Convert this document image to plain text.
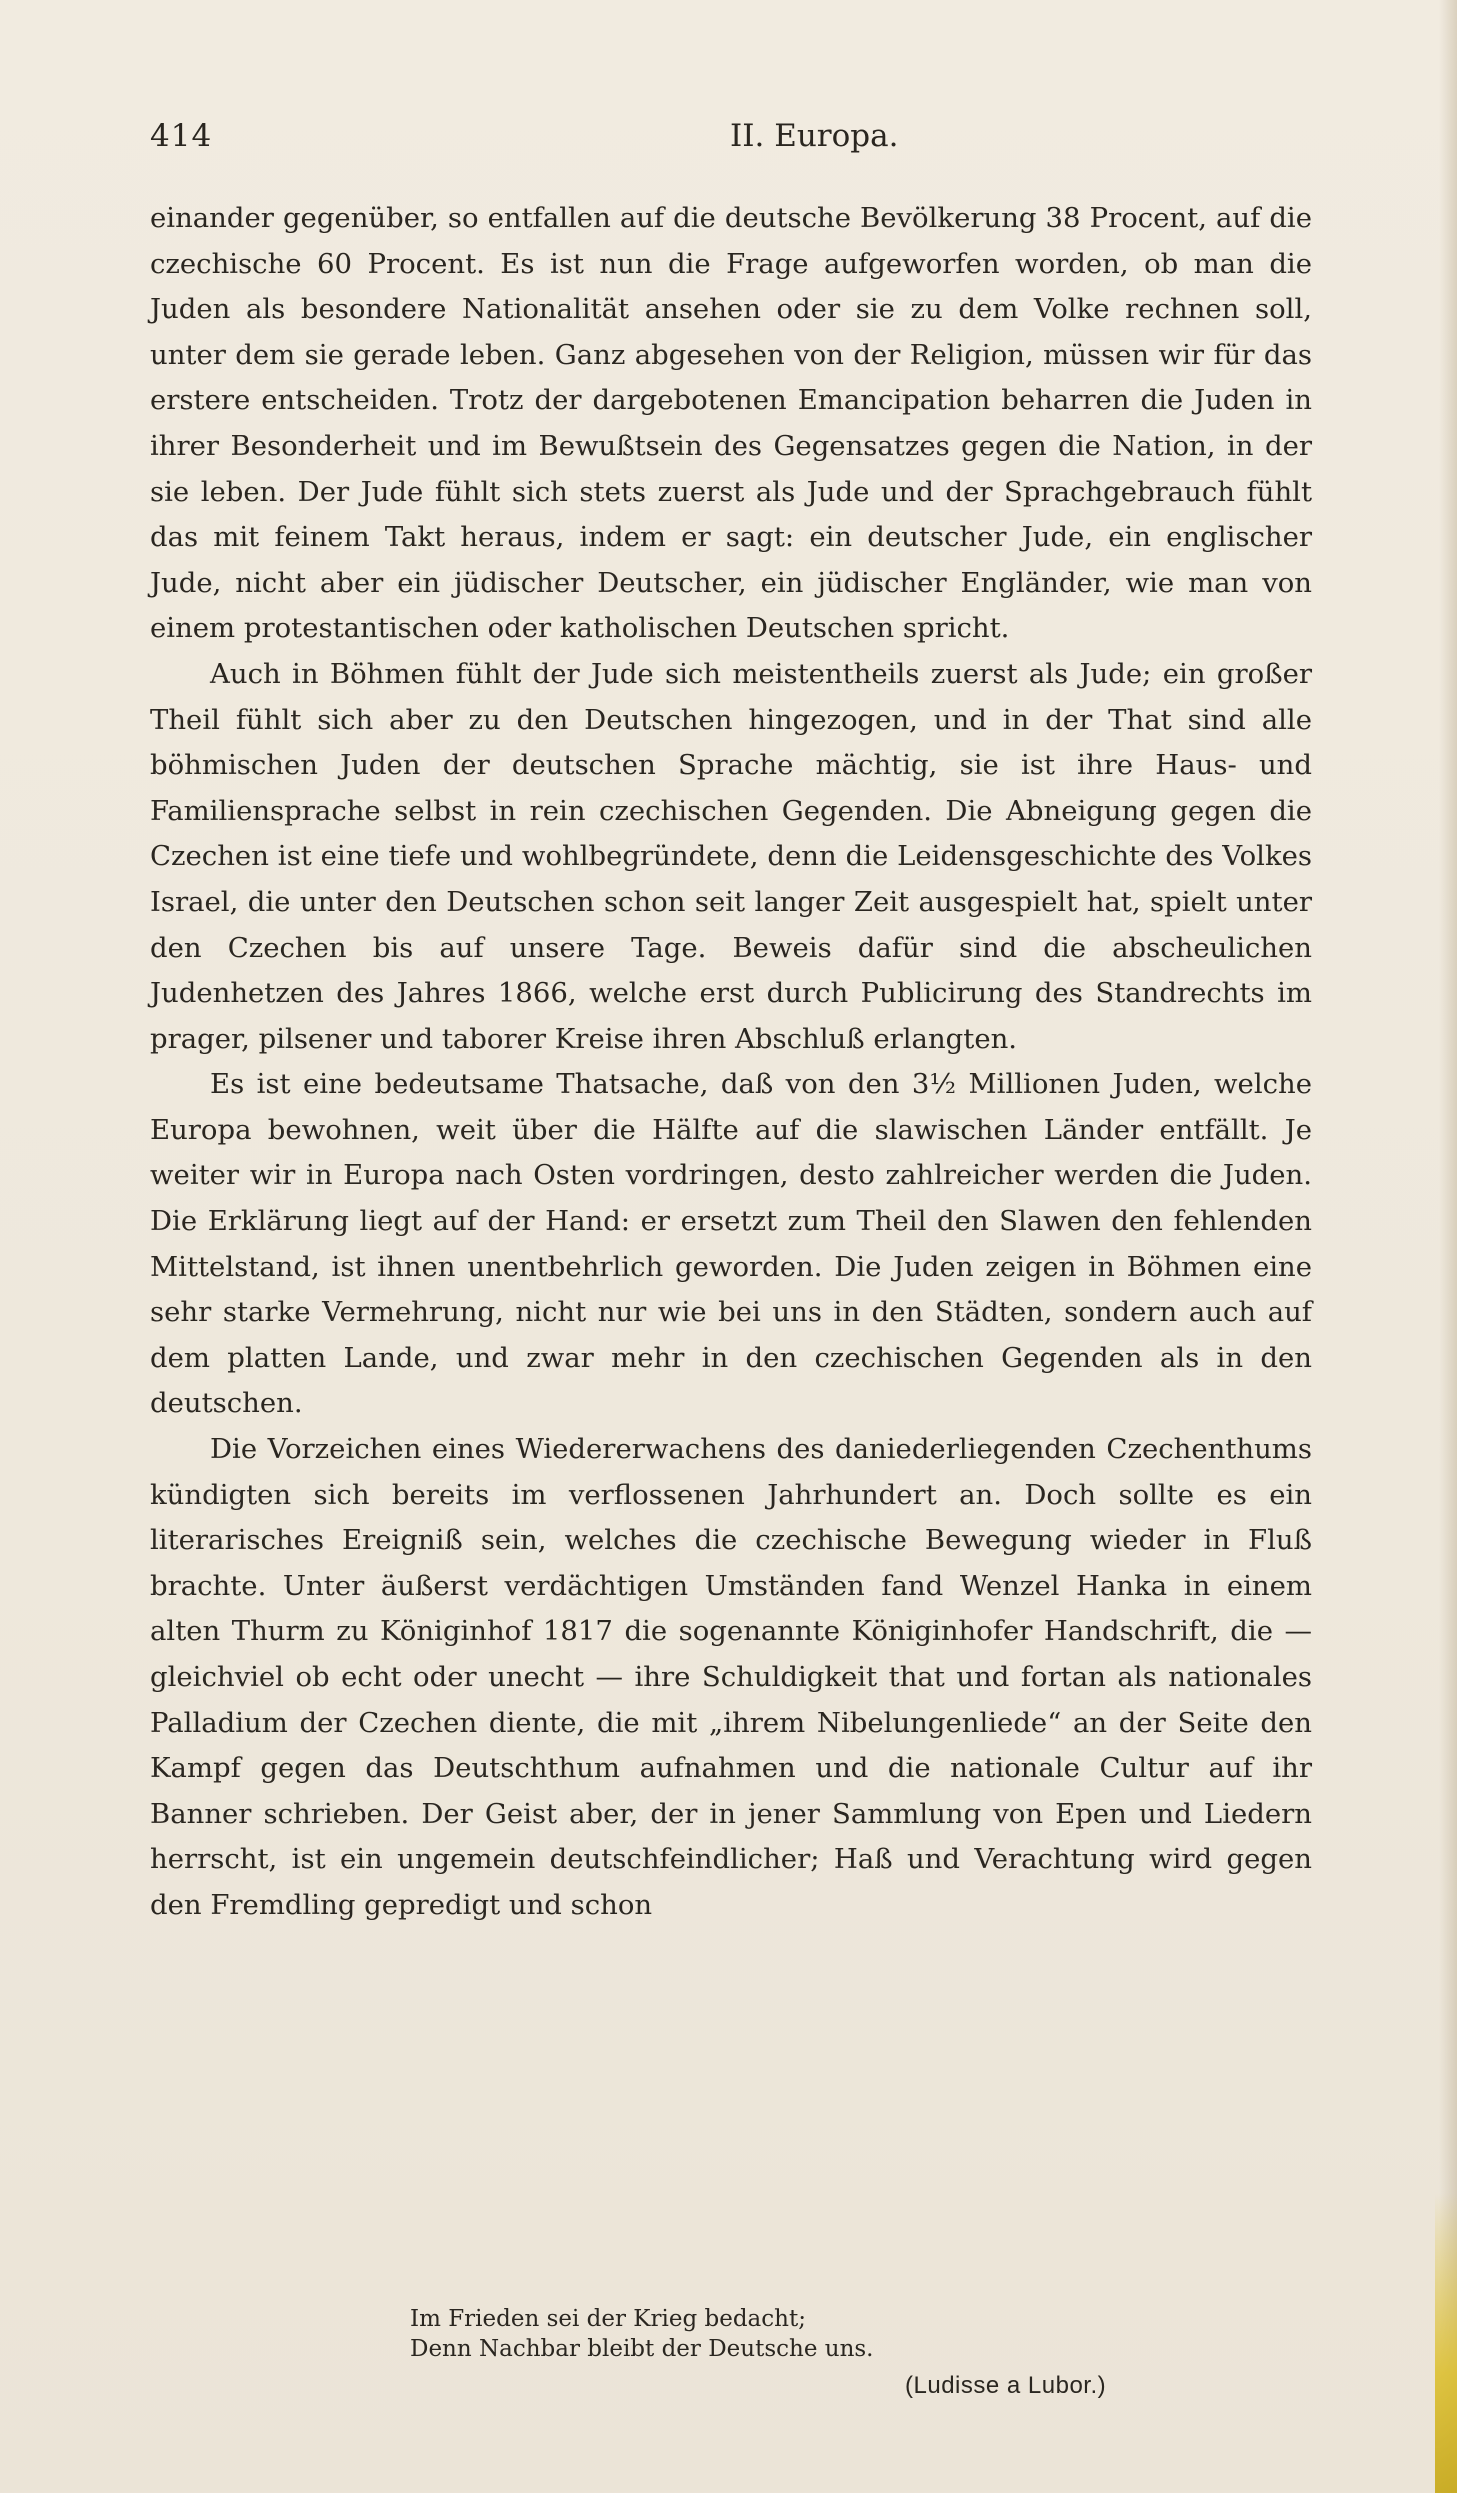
414	II. Europa.

einander gegenüber, so entfallen auf die deutsche Bevölkerung 38 Procent, auf die czechische 60 Procent. Es ist nun die Frage aufgeworfen worden, ob man die Juden als besondere Nationalität ansehen oder sie zu dem Volke rechnen soll, unter dem sie gerade leben. Ganz abgesehen von der Religion, müssen wir für das erstere entscheiden. Trotz der dargebotenen Emancipation beharren die Juden in ihrer Besonderheit und im Bewußtsein des Gegensatzes gegen die Nation, in der sie leben. Der Jude fühlt sich stets zuerst als Jude und der Sprachgebrauch fühlt das mit feinem Takt heraus, indem er sagt: ein deutscher Jude, ein englischer Jude, nicht aber ein jüdischer Deutscher, ein jüdischer Engländer, wie man von einem protestantischen oder katholischen Deutschen spricht.

Auch in Böhmen fühlt der Jude sich meistentheils zuerst als Jude; ein großer Theil fühlt sich aber zu den Deutschen hingezogen, und in der That sind alle böhmischen Juden der deutschen Sprache mächtig, sie ist ihre Haus- und Familiensprache selbst in rein czechischen Gegenden. Die Abneigung gegen die Czechen ist eine tiefe und wohlbegründete, denn die Leidensgeschichte des Volkes Israel, die unter den Deutschen schon seit langer Zeit ausgespielt hat, spielt unter den Czechen bis auf unsere Tage. Beweis dafür sind die abscheulichen Judenhetzen des Jahres 1866, welche erst durch Publicirung des Standrechts im prager, pilsener und taborer Kreise ihren Abschluß erlangten.

Es ist eine bedeutsame Thatsache, daß von den 3½ Millionen Juden, welche Europa bewohnen, weit über die Hälfte auf die slawischen Länder entfällt. Je weiter wir in Europa nach Osten vordringen, desto zahlreicher werden die Juden. Die Erklärung liegt auf der Hand: er ersetzt zum Theil den Slawen den fehlenden Mittelstand, ist ihnen unentbehrlich geworden. Die Juden zeigen in Böhmen eine sehr starke Vermehrung, nicht nur wie bei uns in den Städten, sondern auch auf dem platten Lande, und zwar mehr in den czechischen Gegenden als in den deutschen.

Die Vorzeichen eines Wiedererwachens des daniederliegenden Czechenthums kündigten sich bereits im verflossenen Jahrhundert an. Doch sollte es ein literarisches Ereigniß sein, welches die czechische Bewegung wieder in Fluß brachte. Unter äußerst verdächtigen Umständen fand Wenzel Hanka in einem alten Thurm zu Königinhof 1817 die sogenannte Königinhofer Handschrift, die — gleichviel ob echt oder unecht — ihre Schuldigkeit that und fortan als nationales Palladium der Czechen diente, die mit „ihrem Nibelungenliede“ an der Seite den Kampf gegen das Deutschthum aufnahmen und die nationale Cultur auf ihr Banner schrieben. Der Geist aber, der in jener Sammlung von Epen und Liedern herrscht, ist ein ungemein deutschfeindlicher; Haß und Verachtung wird gegen den Fremdling gepredigt und schon

Im Frieden sei der Krieg bedacht;
Denn Nachbar bleibt der Deutsche uns.
(Ludisse a Lubor.)
